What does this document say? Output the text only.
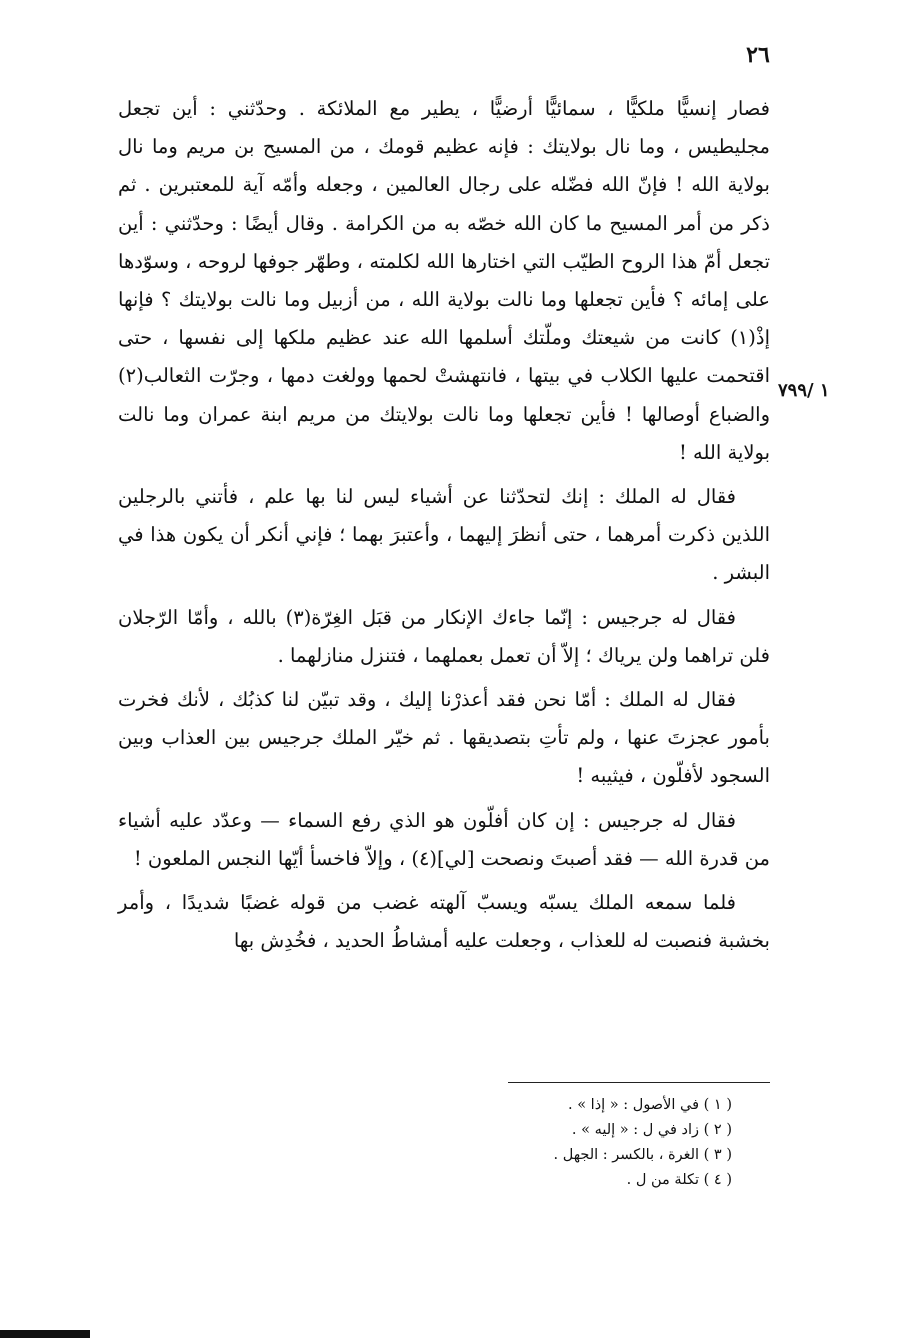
٢٦
١ /٧٩٩

فصار إنسيًّا ملكيًّا ، سمائيًّا أرضيًّا ، يطير مع الملائكة . وحدّثني : أين تجعل مجليطيس ، وما نال بولايتك : فإنه عظيم قومك ، من المسيح بن مريم وما نال بولاية الله ! فإنّ الله فضّله على رجال العالمين ، وجعله وأمّه آية للمعتبرين . ثم ذكر من أمر المسيح ما كان الله خصّه به من الكرامة . وقال أيضًا : وحدّثني : أين تجعل أمّ هذا الروح الطيّب التي اختارها الله لكلمته ، وطهّر جوفها لروحه ، وسوّدها على إمائه ؟ فأين تجعلها وما نالت بولاية الله ، من أزبيل وما نالت بولايتك ؟ فإنها إذْ(١) كانت من شيعتك وملّتك أسلمها الله عند عظيم ملكها إلى نفسها ، حتى اقتحمت عليها الكلاب في بيتها ، فانتهشتْ لحمها وولغت دمها ، وجرّت الثعالب(٢) والضباع أوصالها ! فأين تجعلها وما نالت بولايتك من مريم ابنة عمران وما نالت بولاية الله !

فقال له الملك : إنك لتحدّثنا عن أشياء ليس لنا بها علم ، فأتني بالرجلين اللذين ذكرت أمرهما ، حتى أنظرَ إليهما ، وأعتبرَ بهما ؛ فإني أنكر أن يكون هذا في البشر .

فقال له جرجيس : إنّما جاءك الإنكار من قبَل الغِرّة(٣) بالله ، وأمّا الرّجلان فلن تراهما ولن يرياك ؛ إلاّ أن تعمل بعملهما ، فتنزل منازلهما .

فقال له الملك : أمّا نحن فقد أعذرْنا إليك ، وقد تبيّن لنا كذبُك ، لأنك فخرت بأمور عجزتَ عنها ، ولم تأتِ بتصديقها . ثم خيّر الملك جرجيس بين العذاب وبين السجود لأفلّون ، فيثيبه !

فقال له جرجيس : إن كان أفلّون هو الذي رفع السماء — وعدّد عليه أشياء من قدرة الله — فقد أصبتَ ونصحت [لي](٤) ، وإلاّ فاخسأ أيّها النجس الملعون !

فلما سمعه الملك يسبّه ويسبّ آلهته غضب من قوله غضبًا شديدًا ، وأمر بخشبة فنصبت له للعذاب ، وجعلت عليه أمشاطُ الحديد ، فخُدِش بها

( ١ ) في الأصول : « إذا » .
( ٢ ) زاد في ل : « إليه » .
( ٣ ) الغرة ، بالكسر : الجهل .
( ٤ ) تكلة من ل .
